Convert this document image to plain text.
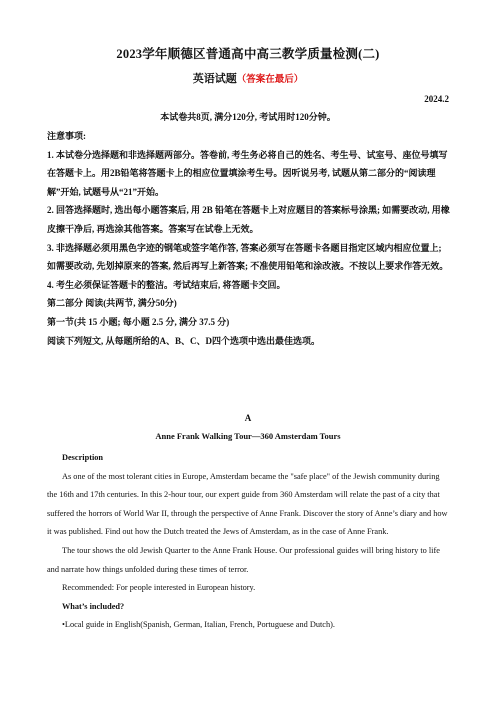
2023学年顺德区普通高中高三教学质量检测(二)
英语试题（答案在最后）
2024.2
本试卷共8页, 满分120分, 考试用时120分钟。

注意事项:

1. 本试卷分选择题和非选择题两部分。答卷前, 考生务必将自己的姓名、考生号、试室号、座位号填写在答题卡上。用2B铅笔将答题卡上的相应位置填涂考生号。因听说另考, 试题从第二部分的“阅读理解”开始, 试题号从“21”开始。

2. 回答选择题时, 选出每小题答案后, 用 2B 铅笔在答题卡上对应题目的答案标号涂黑; 如需要改动, 用橡皮擦干净后, 再选涂其他答案。答案写在试卷上无效。

3. 非选择题必须用黑色字迹的钢笔或签字笔作答, 答案必须写在答题卡各题目指定区域内相应位置上; 如需要改动, 先划掉原来的答案, 然后再写上新答案; 不准使用铅笔和涂改液。不按以上要求作答无效。

4. 考生必须保证答题卡的整洁。考试结束后, 将答题卡交回。

第二部分 阅读(共两节, 满分50分)

第一节(共 15 小题; 每小题 2.5 分, 满分 37.5 分)

阅读下列短文, 从每题所给的A、B、C、D四个选项中选出最佳选项。

A
Anne Frank Walking Tour—360 Amsterdam Tours

Description

As one of the most tolerant cities in Europe, Amsterdam became the "safe place" of the Jewish community during the 16th and 17th centuries. In this 2-hour tour, our expert guide from 360 Amsterdam will relate the past of a city that suffered the horrors of World War II, through the perspective of Anne Frank. Discover the story of Anne’s diary and how it was published. Find out how the Dutch treated the Jews of Amsterdam, as in the case of Anne Frank.

The tour shows the old Jewish Quarter to the Anne Frank House. Our professional guides will bring history to life and narrate how things unfolded during these times of terror.

Recommended: For people interested in European history.

What’s included?

•Local guide in English(Spanish, German, Italian, French, Portuguese and Dutch).
